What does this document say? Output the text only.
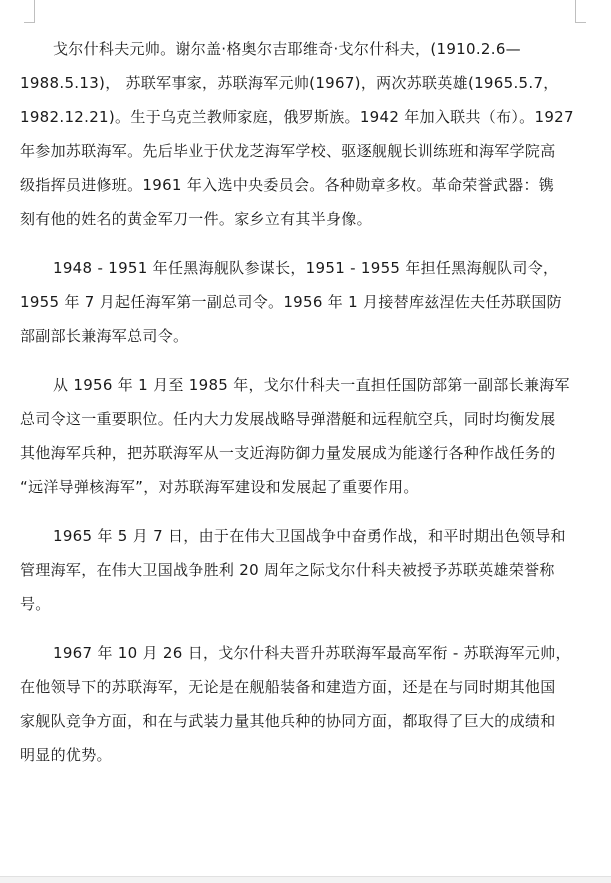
戈尔什科夫元帅。谢尔盖·格奥尔吉耶维奇·戈尔什科夫，(1910.2.6—
1988.5.13)， 苏联军事家，苏联海军元帅(1967)，两次苏联英雄(1965.5.7，
1982.12.21)。生于乌克兰教师家庭，俄罗斯族。1942 年加入联共（布）。1927
年参加苏联海军。先后毕业于伏龙芝海军学校、驱逐舰舰长训练班和海军学院高
级指挥员进修班。1961 年入选中央委员会。各种勋章多枚。革命荣誉武器：镌
刻有他的姓名的黄金军刀一件。家乡立有其半身像。

1948 - 1951 年任黑海舰队参谋长，1951 - 1955 年担任黑海舰队司令，
1955 年 7 月起任海军第一副总司令。1956 年 1 月接替库兹涅佐夫任苏联国防
部副部长兼海军总司令。

从 1956 年 1 月至 1985 年，戈尔什科夫一直担任国防部第一副部长兼海军
总司令这一重要职位。任内大力发展战略导弹潜艇和远程航空兵，同时均衡发展
其他海军兵种，把苏联海军从一支近海防御力量发展成为能遂行各种作战任务的
“远洋导弹核海军”，对苏联海军建设和发展起了重要作用。

1965 年 5 月 7 日，由于在伟大卫国战争中奋勇作战，和平时期出色领导和
管理海军，在伟大卫国战争胜利 20 周年之际戈尔什科夫被授予苏联英雄荣誉称
号。

1967 年 10 月 26 日，戈尔什科夫晋升苏联海军最高军衔 - 苏联海军元帅，
在他领导下的苏联海军，无论是在舰船装备和建造方面，还是在与同时期其他国
家舰队竞争方面，和在与武装力量其他兵种的协同方面，都取得了巨大的成绩和
明显的优势。
